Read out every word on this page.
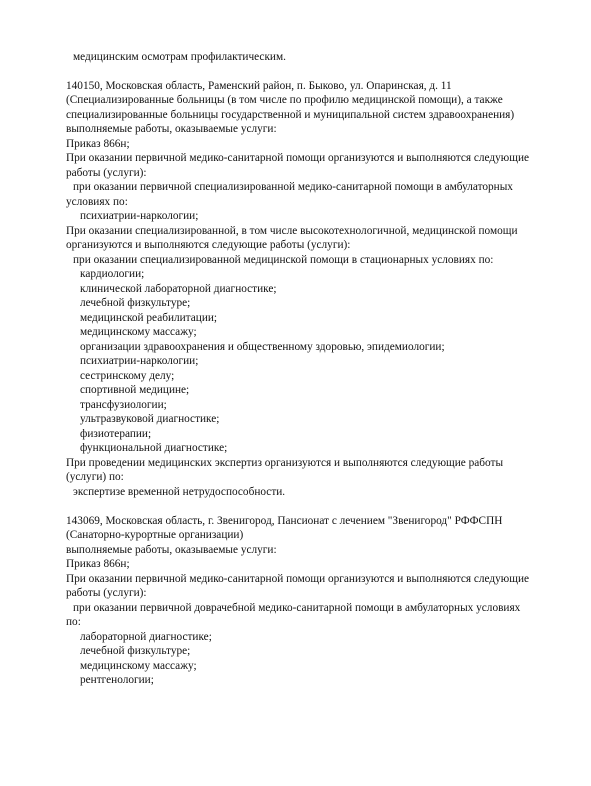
медицинским осмотрам профилактическим.
140150, Московская область, Раменский район, п. Быково, ул. Опаринская, д. 11
(Специализированные больницы (в том числе по профилю медицинской помощи), а также
специализированные больницы государственной и муниципальной систем здравоохранения)
выполняемые работы, оказываемые услуги:
Приказ 866н;
При оказании первичной медико-санитарной помощи организуются и выполняются следующие
работы (услуги):
при оказании первичной специализированной медико-санитарной помощи в амбулаторных
условиях по:
психиатрии-наркологии;
При оказании специализированной, в том числе высокотехнологичной, медицинской помощи
организуются и выполняются следующие работы (услуги):
при оказании специализированной медицинской помощи в стационарных условиях по:
кардиологии;
клинической лабораторной диагностике;
лечебной физкультуре;
медицинской реабилитации;
медицинскому массажу;
организации здравоохранения и общественному здоровью, эпидемиологии;
психиатрии-наркологии;
сестринскому делу;
спортивной медицине;
трансфузиологии;
ультразвуковой диагностике;
физиотерапии;
функциональной диагностике;
При проведении медицинских экспертиз организуются и выполняются следующие работы
(услуги) по:
экспертизе временной нетрудоспособности.
143069, Московская область, г. Звенигород, Пансионат с лечением "Звенигород" РФФСПН
(Санаторно-курортные организации)
выполняемые работы, оказываемые услуги:
Приказ 866н;
При оказании первичной медико-санитарной помощи организуются и выполняются следующие
работы (услуги):
при оказании первичной доврачебной медико-санитарной помощи в амбулаторных условиях
по:
лабораторной диагностике;
лечебной физкультуре;
медицинскому массажу;
рентгенологии;
